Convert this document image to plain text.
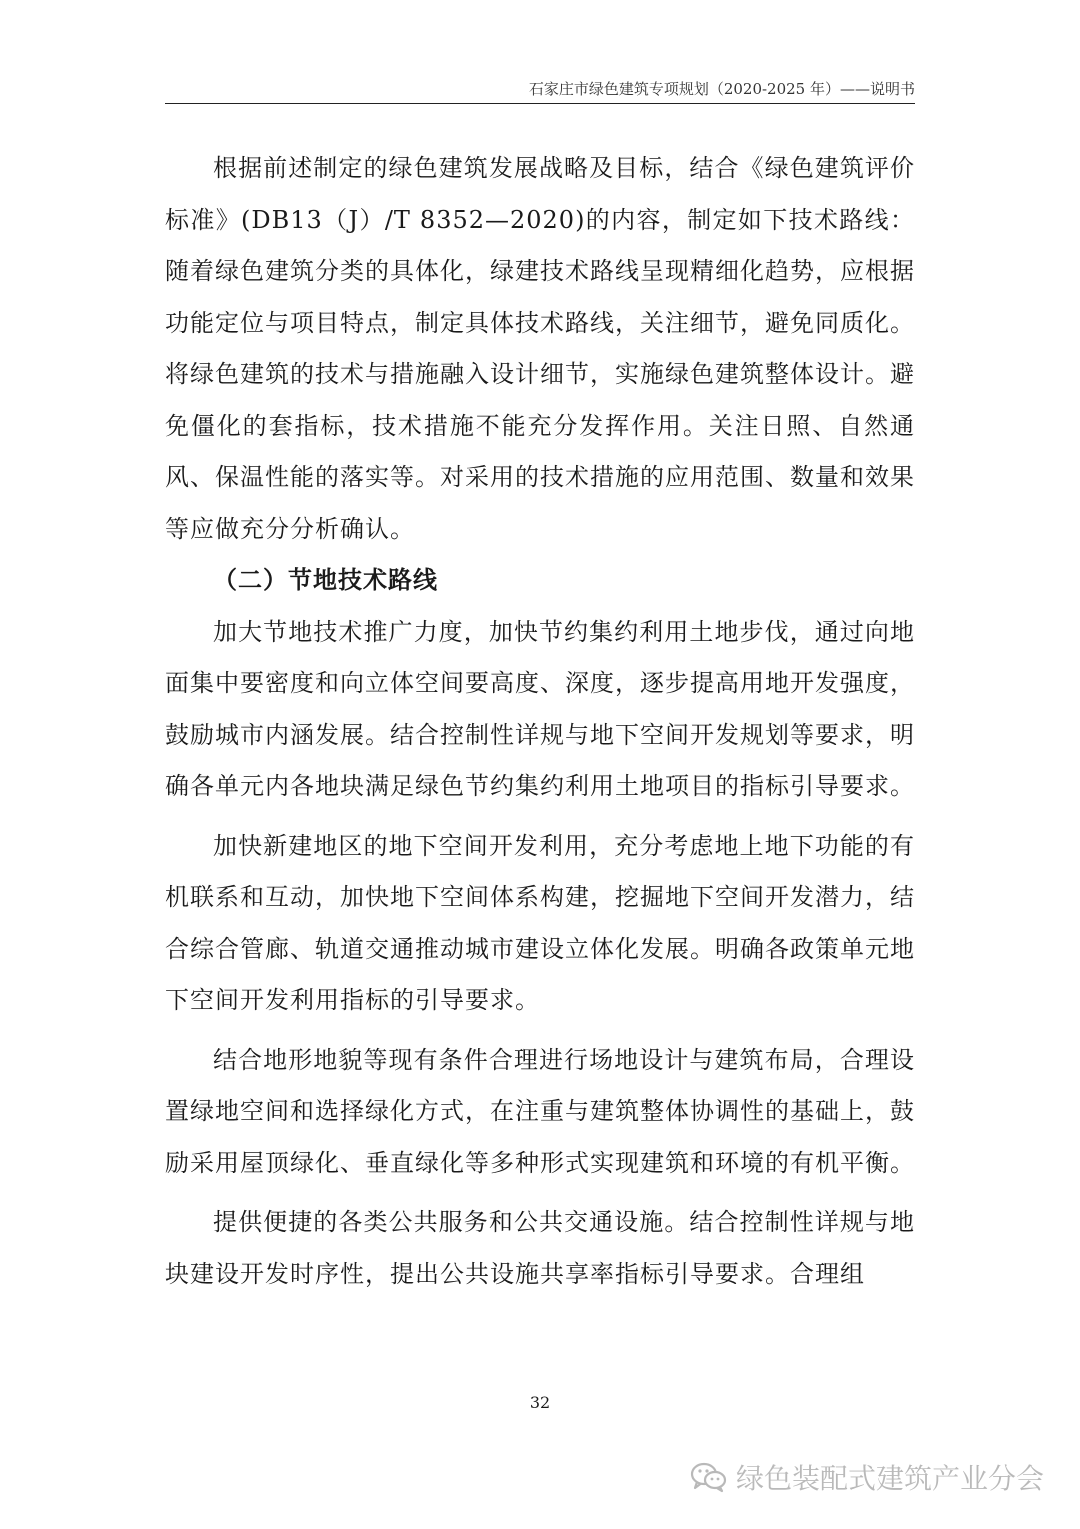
石家庄市绿色建筑专项规划（2020-2025 年）——说明书

根据前述制定的绿色建筑发展战略及目标，结合《绿色建筑评价标准》(DB13（J）/T 8352—2020)的内容，制定如下技术路线：随着绿色建筑分类的具体化，绿建技术路线呈现精细化趋势，应根据功能定位与项目特点，制定具体技术路线，关注细节，避免同质化。将绿色建筑的技术与措施融入设计细节，实施绿色建筑整体设计。避免僵化的套指标，技术措施不能充分发挥作用。关注日照、自然通风、保温性能的落实等。对采用的技术措施的应用范围、数量和效果等应做充分分析确认。

（二）节地技术路线

加大节地技术推广力度，加快节约集约利用土地步伐，通过向地面集中要密度和向立体空间要高度、深度，逐步提高用地开发强度，鼓励城市内涵发展。结合控制性详规与地下空间开发规划等要求，明确各单元内各地块满足绿色节约集约利用土地项目的指标引导要求。

加快新建地区的地下空间开发利用，充分考虑地上地下功能的有机联系和互动，加快地下空间体系构建，挖掘地下空间开发潜力，结合综合管廊、轨道交通推动城市建设立体化发展。明确各政策单元地下空间开发利用指标的引导要求。

结合地形地貌等现有条件合理进行场地设计与建筑布局，合理设置绿地空间和选择绿化方式，在注重与建筑整体协调性的基础上，鼓励采用屋顶绿化、垂直绿化等多种形式实现建筑和环境的有机平衡。

提供便捷的各类公共服务和公共交通设施。结合控制性详规与地块建设开发时序性，提出公共设施共享率指标引导要求。合理组

32
绿色装配式建筑产业分会
